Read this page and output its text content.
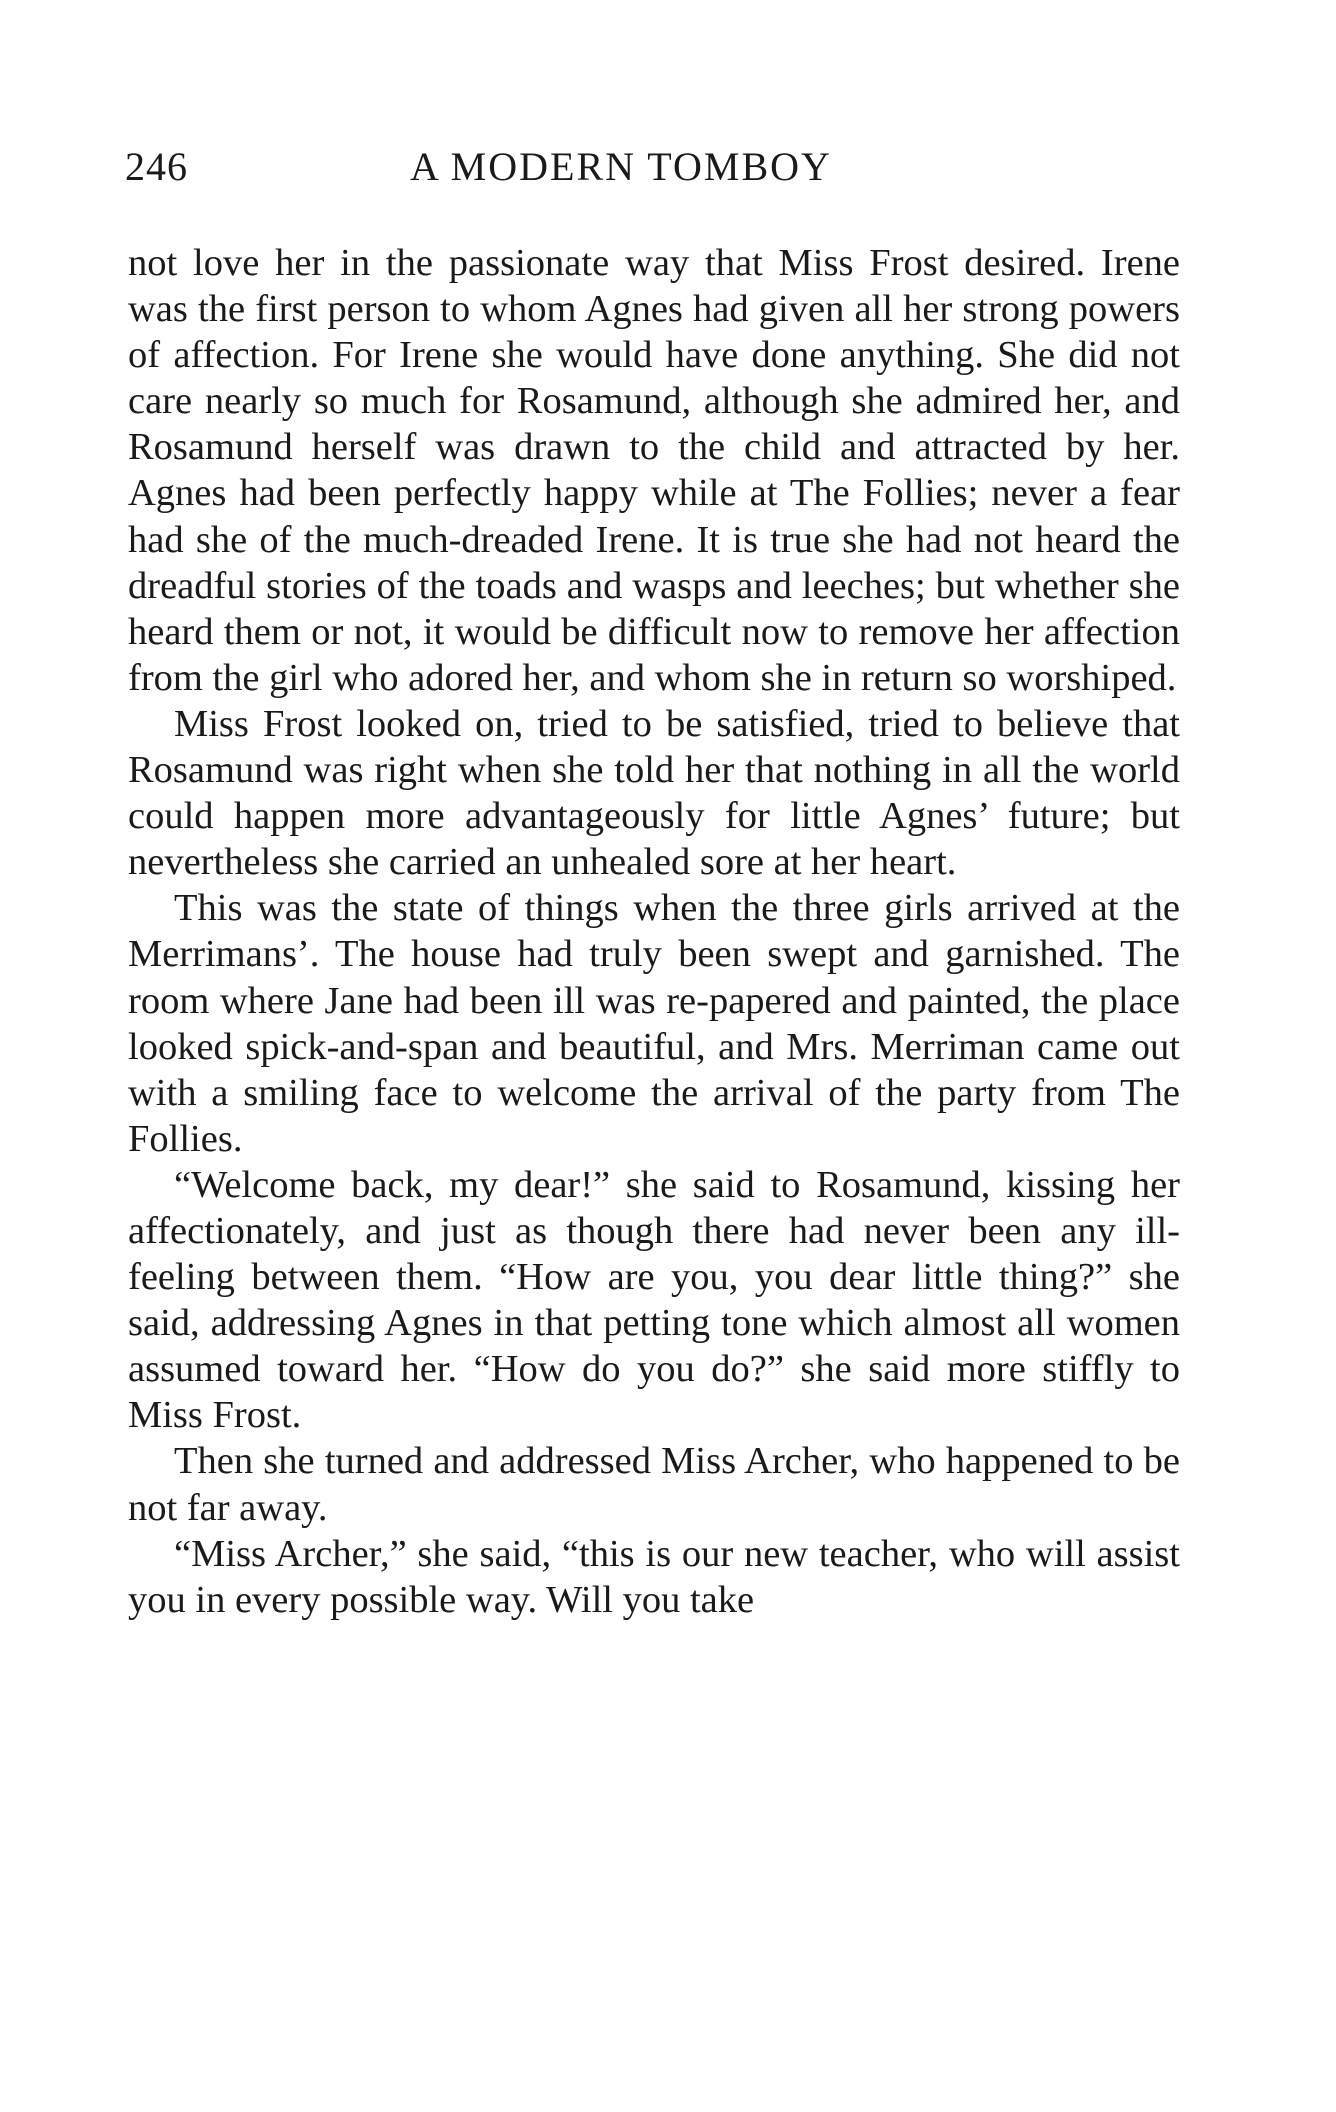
246	A MODERN TOMBOY

not love her in the passionate way that Miss Frost desired. Irene was the first person to whom Agnes had given all her strong powers of affection. For Irene she would have done anything. She did not care nearly so much for Rosamund, although she admired her, and Rosamund herself was drawn to the child and attracted by her. Agnes had been perfectly happy while at The Follies; never a fear had she of the much-dreaded Irene. It is true she had not heard the dreadful stories of the toads and wasps and leeches; but whether she heard them or not, it would be difficult now to remove her affection from the girl who adored her, and whom she in return so worshiped.

Miss Frost looked on, tried to be satisfied, tried to believe that Rosamund was right when she told her that nothing in all the world could happen more advantageously for little Agnes’ future; but nevertheless she carried an unhealed sore at her heart.

This was the state of things when the three girls arrived at the Merrimans’. The house had truly been swept and garnished. The room where Jane had been ill was re-papered and painted, the place looked spick-and-span and beautiful, and Mrs. Merriman came out with a smiling face to welcome the arrival of the party from The Follies.

“Welcome back, my dear!” she said to Rosamund, kissing her affectionately, and just as though there had never been any ill-feeling between them. “How are you, you dear little thing?” she said, addressing Agnes in that petting tone which almost all women assumed toward her. “How do you do?” she said more stiffly to Miss Frost.

Then she turned and addressed Miss Archer, who happened to be not far away.

“Miss Archer,” she said, “this is our new teacher, who will assist you in every possible way. Will you take
